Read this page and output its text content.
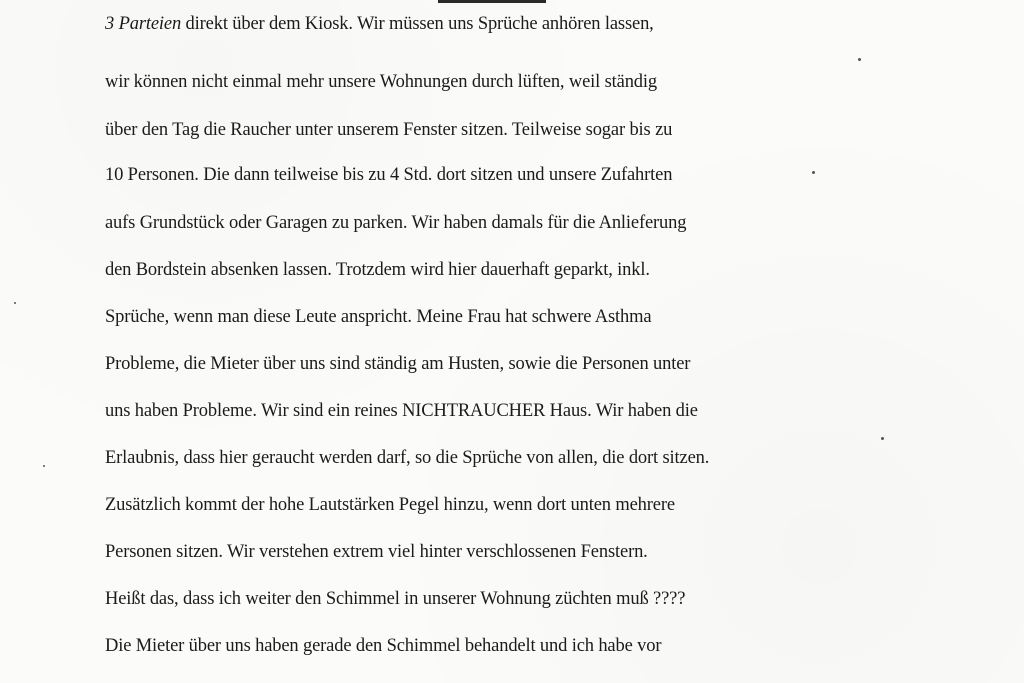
3 Parteien direkt über dem Kiosk. Wir müssen uns Sprüche anhören lassen,
wir können nicht einmal mehr unsere Wohnungen durch lüften, weil ständig
über den Tag die Raucher unter unserem Fenster sitzen. Teilweise sogar bis zu
10 Personen. Die dann teilweise bis zu 4 Std. dort sitzen und unsere Zufahrten
aufs Grundstück oder Garagen zu parken. Wir haben damals für die Anlieferung
den Bordstein absenken lassen. Trotzdem wird hier dauerhaft geparkt, inkl.
Sprüche, wenn man diese Leute anspricht. Meine Frau hat schwere Asthma
Probleme, die Mieter über uns sind ständig am Husten, sowie die Personen unter
uns haben Probleme. Wir sind ein reines NICHTRAUCHER Haus. Wir haben die
Erlaubnis, dass hier geraucht werden darf, so die Sprüche von allen, die dort sitzen.
Zusätzlich kommt der hohe Lautstärken Pegel hinzu, wenn dort unten mehrere
Personen sitzen. Wir verstehen extrem viel hinter verschlossenen Fenstern.
Heißt das, dass ich weiter den Schimmel in unserer Wohnung züchten muß ????
Die Mieter über uns haben gerade den Schimmel behandelt und ich habe vor
